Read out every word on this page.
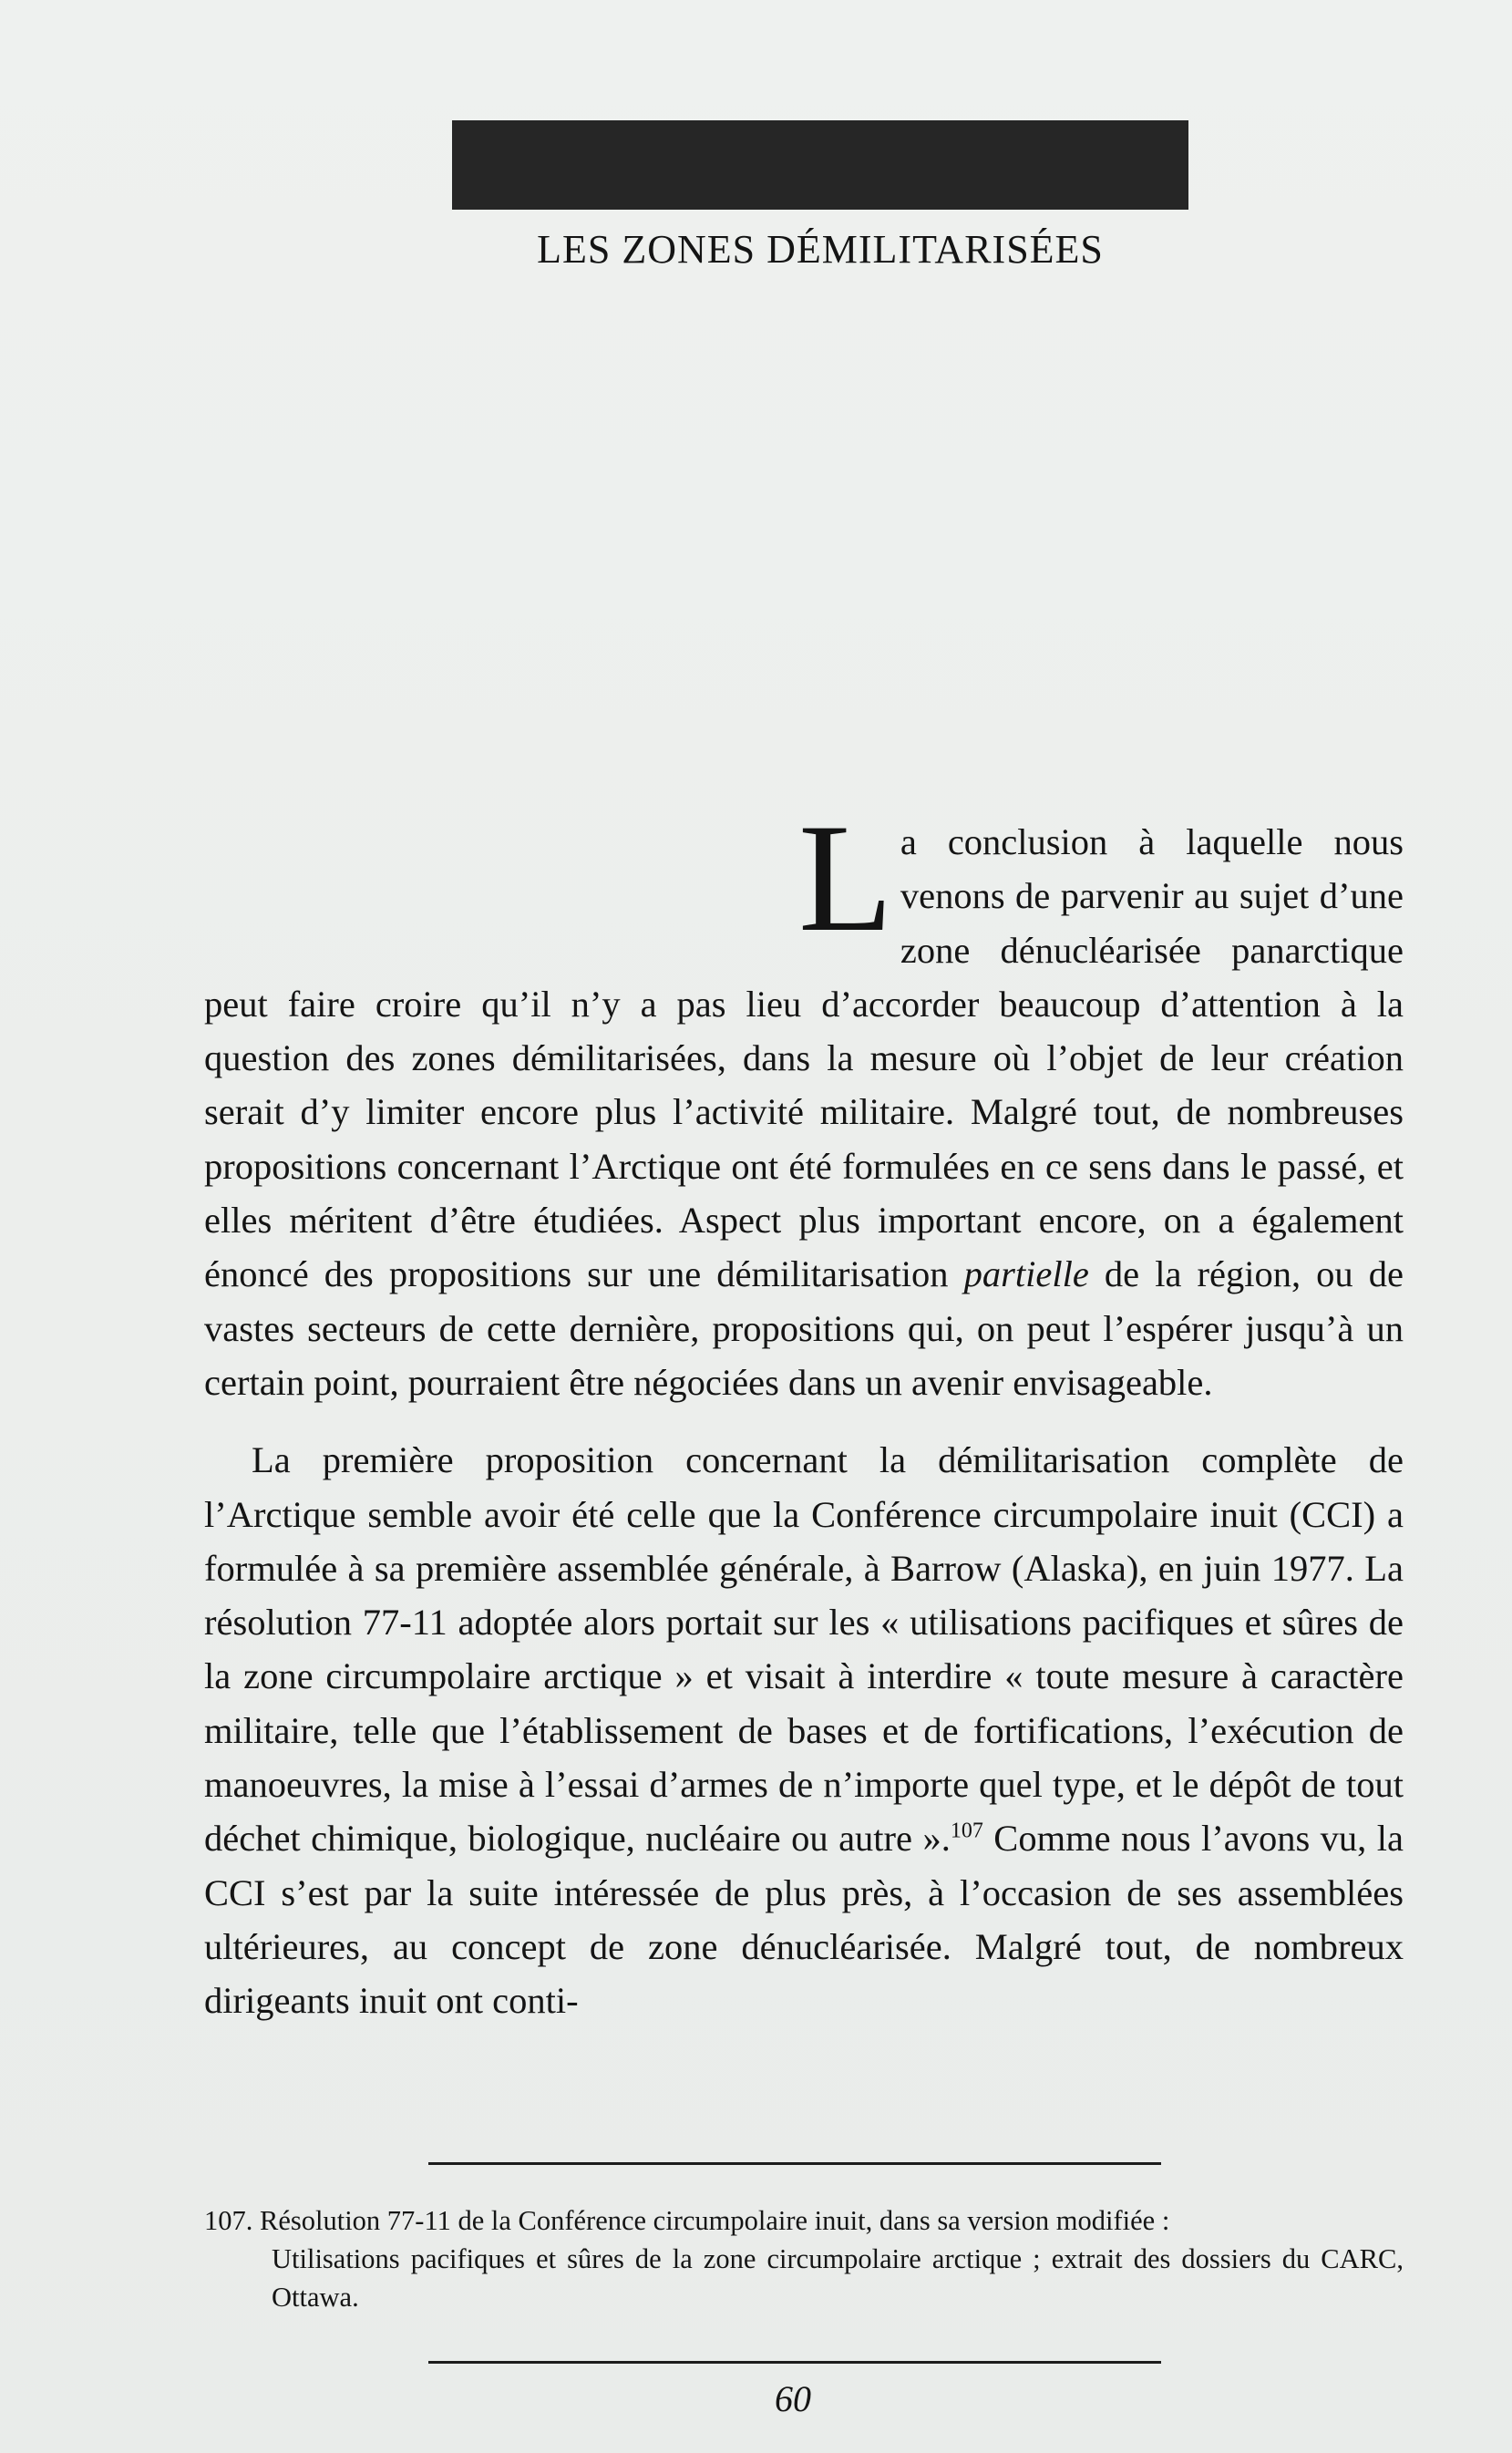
LES ZONES DÉMILITARISÉES

La conclusion à laquelle nous venons de parvenir au sujet d’une zone dénucléarisée panarctique peut faire croire qu’il n’y a pas lieu d’accorder beaucoup d’attention à la question des zones démilitarisées, dans la mesure où l’objet de leur création serait d’y limiter encore plus l’activité militaire. Malgré tout, de nombreuses propositions concernant l’Arctique ont été formulées en ce sens dans le passé, et elles méritent d’être étudiées. Aspect plus important encore, on a également énoncé des propositions sur une démilitarisation partielle de la région, ou de vastes secteurs de cette dernière, propositions qui, on peut l’espérer jusqu’à un certain point, pourraient être négociées dans un avenir envisageable.

La première proposition concernant la démilitarisation complète de l’Arctique semble avoir été celle que la Conférence circumpolaire inuit (CCI) a formulée à sa première assemblée générale, à Barrow (Alaska), en juin 1977. La résolution 77-11 adoptée alors portait sur les « utilisations pacifiques et sûres de la zone circumpolaire arctique » et visait à interdire « toute mesure à caractère militaire, telle que l’établissement de bases et de fortifications, l’exécution de manoeuvres, la mise à l’essai d’armes de n’importe quel type, et le dépôt de tout déchet chimique, biologique, nucléaire ou autre ».$^{107}$ Comme nous l’avons vu, la CCI s’est par la suite intéressée de plus près, à l’occasion de ses assemblées ultérieures, au concept de zone dénucléarisée. Malgré tout, de nombreux dirigeants inuit ont conti-

107. Résolution 77-11 de la Conférence circumpolaire inuit, dans sa version modifiée :
Utilisations pacifiques et sûres de la zone circumpolaire arctique ; extrait des dossiers du CARC, Ottawa.
60
